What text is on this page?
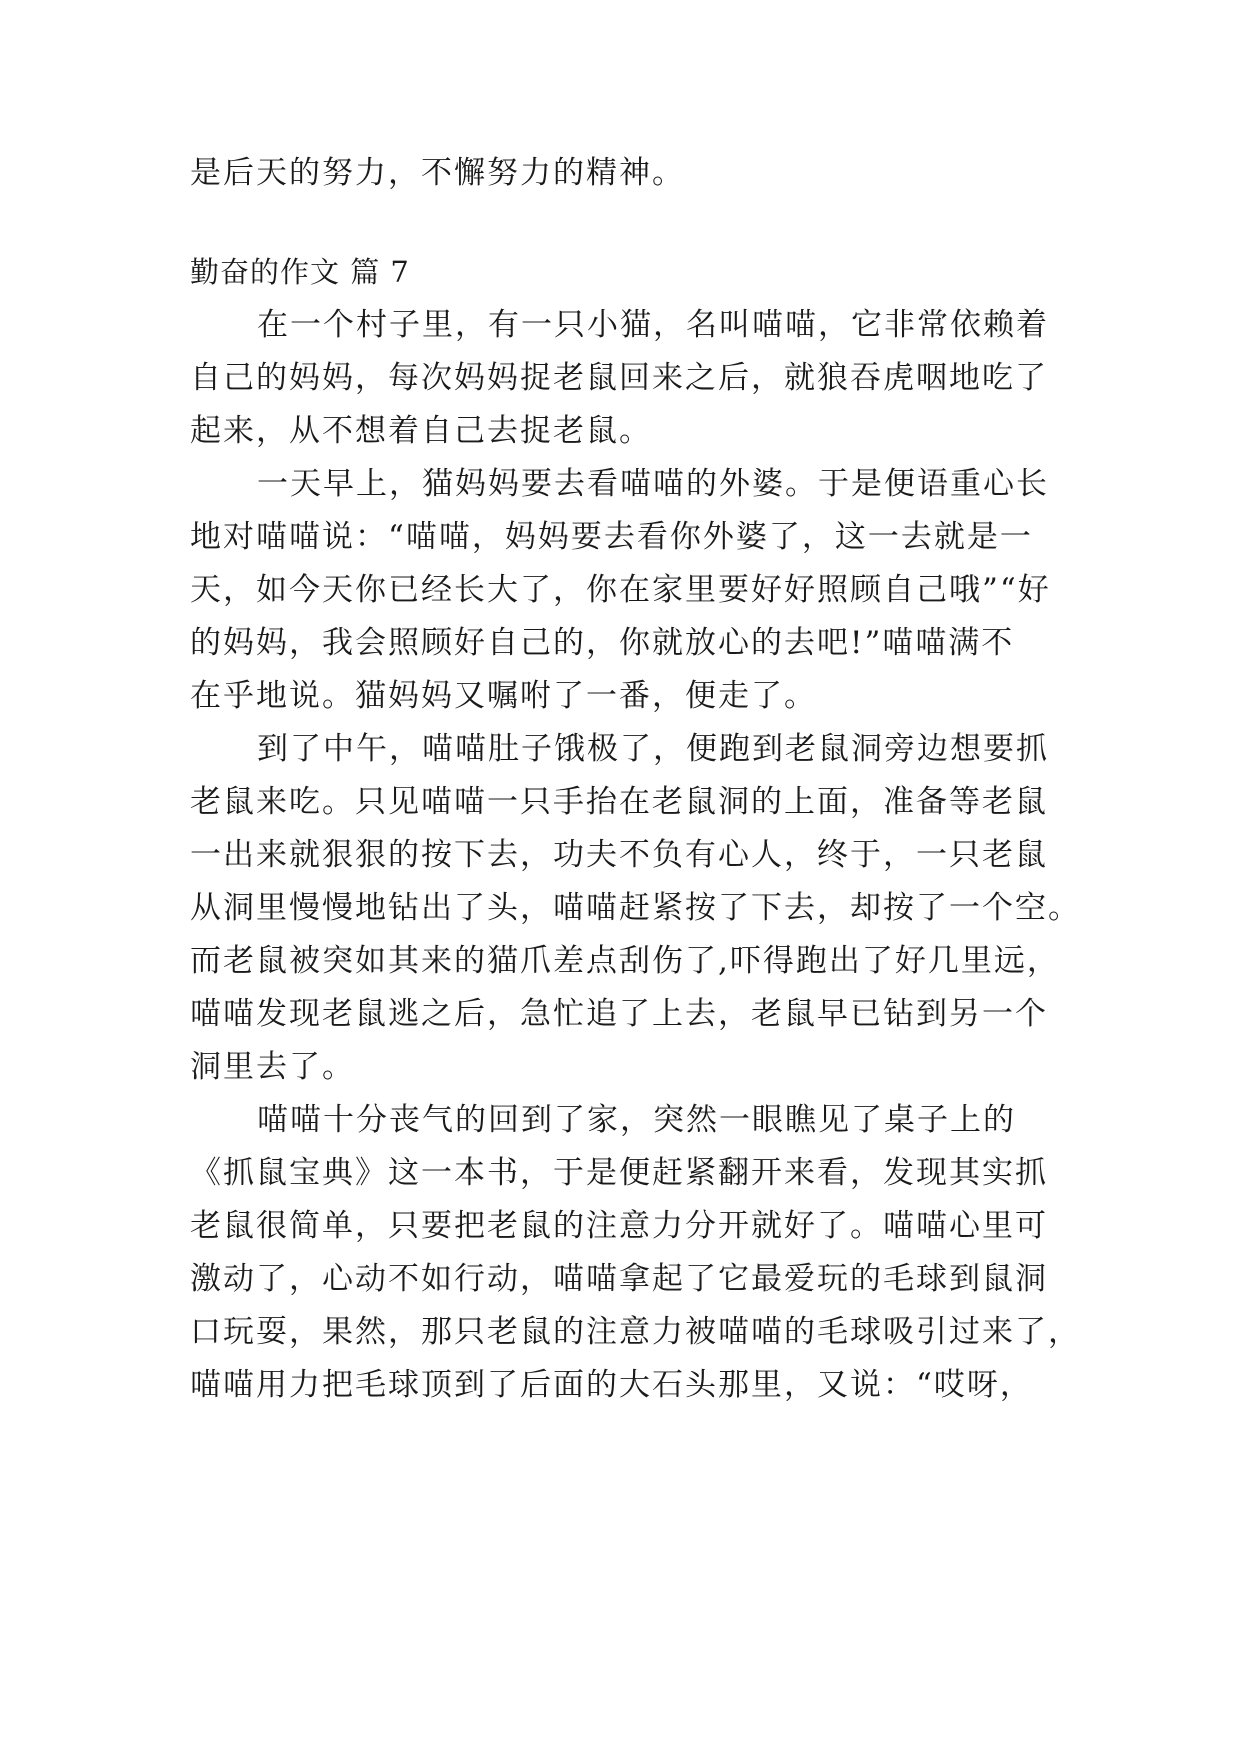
是后天的努力，不懈努力的精神。
勤奋的作文 篇 7
在一个村子里，有一只小猫，名叫喵喵，它非常依赖着
自己的妈妈，每次妈妈捉老鼠回来之后，就狼吞虎咽地吃了
起来，从不想着自己去捉老鼠。
一天早上，猫妈妈要去看喵喵的外婆。于是便语重心长
地对喵喵说：“喵喵，妈妈要去看你外婆了，这一去就是一
天，如今天你已经长大了，你在家里要好好照顾自己哦”“好
的妈妈，我会照顾好自己的，你就放心的去吧!”喵喵满不
在乎地说。猫妈妈又嘱咐了一番，便走了。
到了中午，喵喵肚子饿极了，便跑到老鼠洞旁边想要抓
老鼠来吃。只见喵喵一只手抬在老鼠洞的上面，准备等老鼠
一出来就狠狠的按下去，功夫不负有心人，终于，一只老鼠
从洞里慢慢地钻出了头，喵喵赶紧按了下去，却按了一个空。
而老鼠被突如其来的猫爪差点刮伤了,吓得跑出了好几里远，
喵喵发现老鼠逃之后，急忙追了上去，老鼠早已钻到另一个
洞里去了。
喵喵十分丧气的回到了家，突然一眼瞧见了桌子上的
《抓鼠宝典》这一本书，于是便赶紧翻开来看，发现其实抓
老鼠很简单，只要把老鼠的注意力分开就好了。喵喵心里可
激动了，心动不如行动，喵喵拿起了它最爱玩的毛球到鼠洞
口玩耍，果然，那只老鼠的注意力被喵喵的毛球吸引过来了，
喵喵用力把毛球顶到了后面的大石头那里，又说：“哎呀，
